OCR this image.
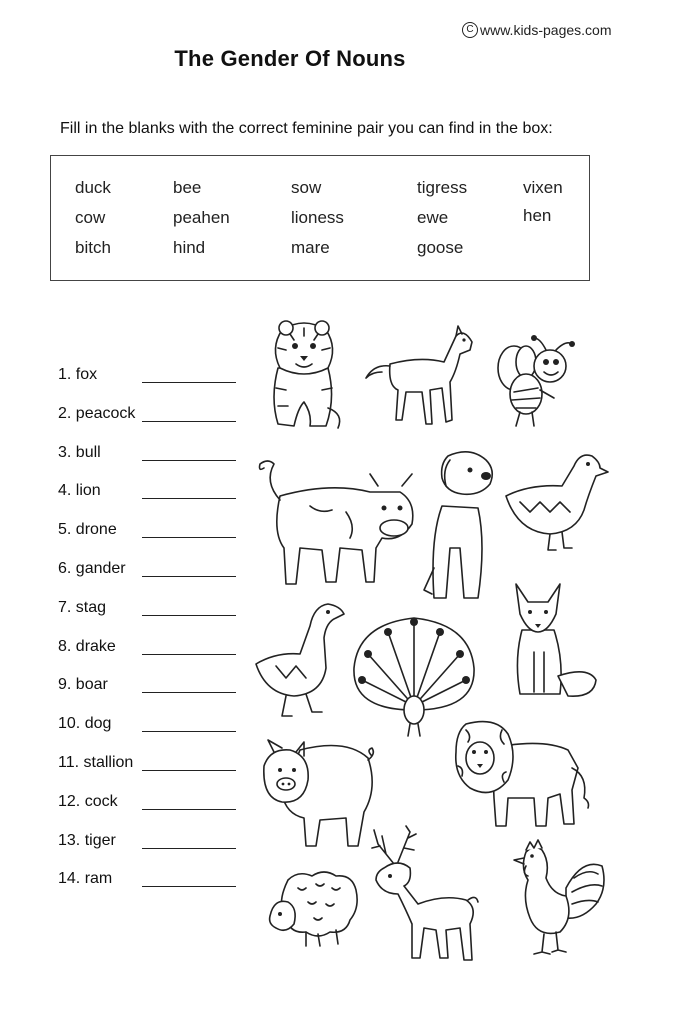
C www.kids-pages.com
The Gender Of Nouns
Fill in the blanks with the correct feminine pair you can find in the box:
duck
cow
bitch
bee
peahen
hind
sow
lioness
mare
tigress
ewe
goose
vixen
hen
1. fox
2. peacock
3. bull
4. lion
5. drone
6. gander
7. stag
8. drake
9. boar
10. dog
11. stallion
12. cock
13. tiger
14. ram
